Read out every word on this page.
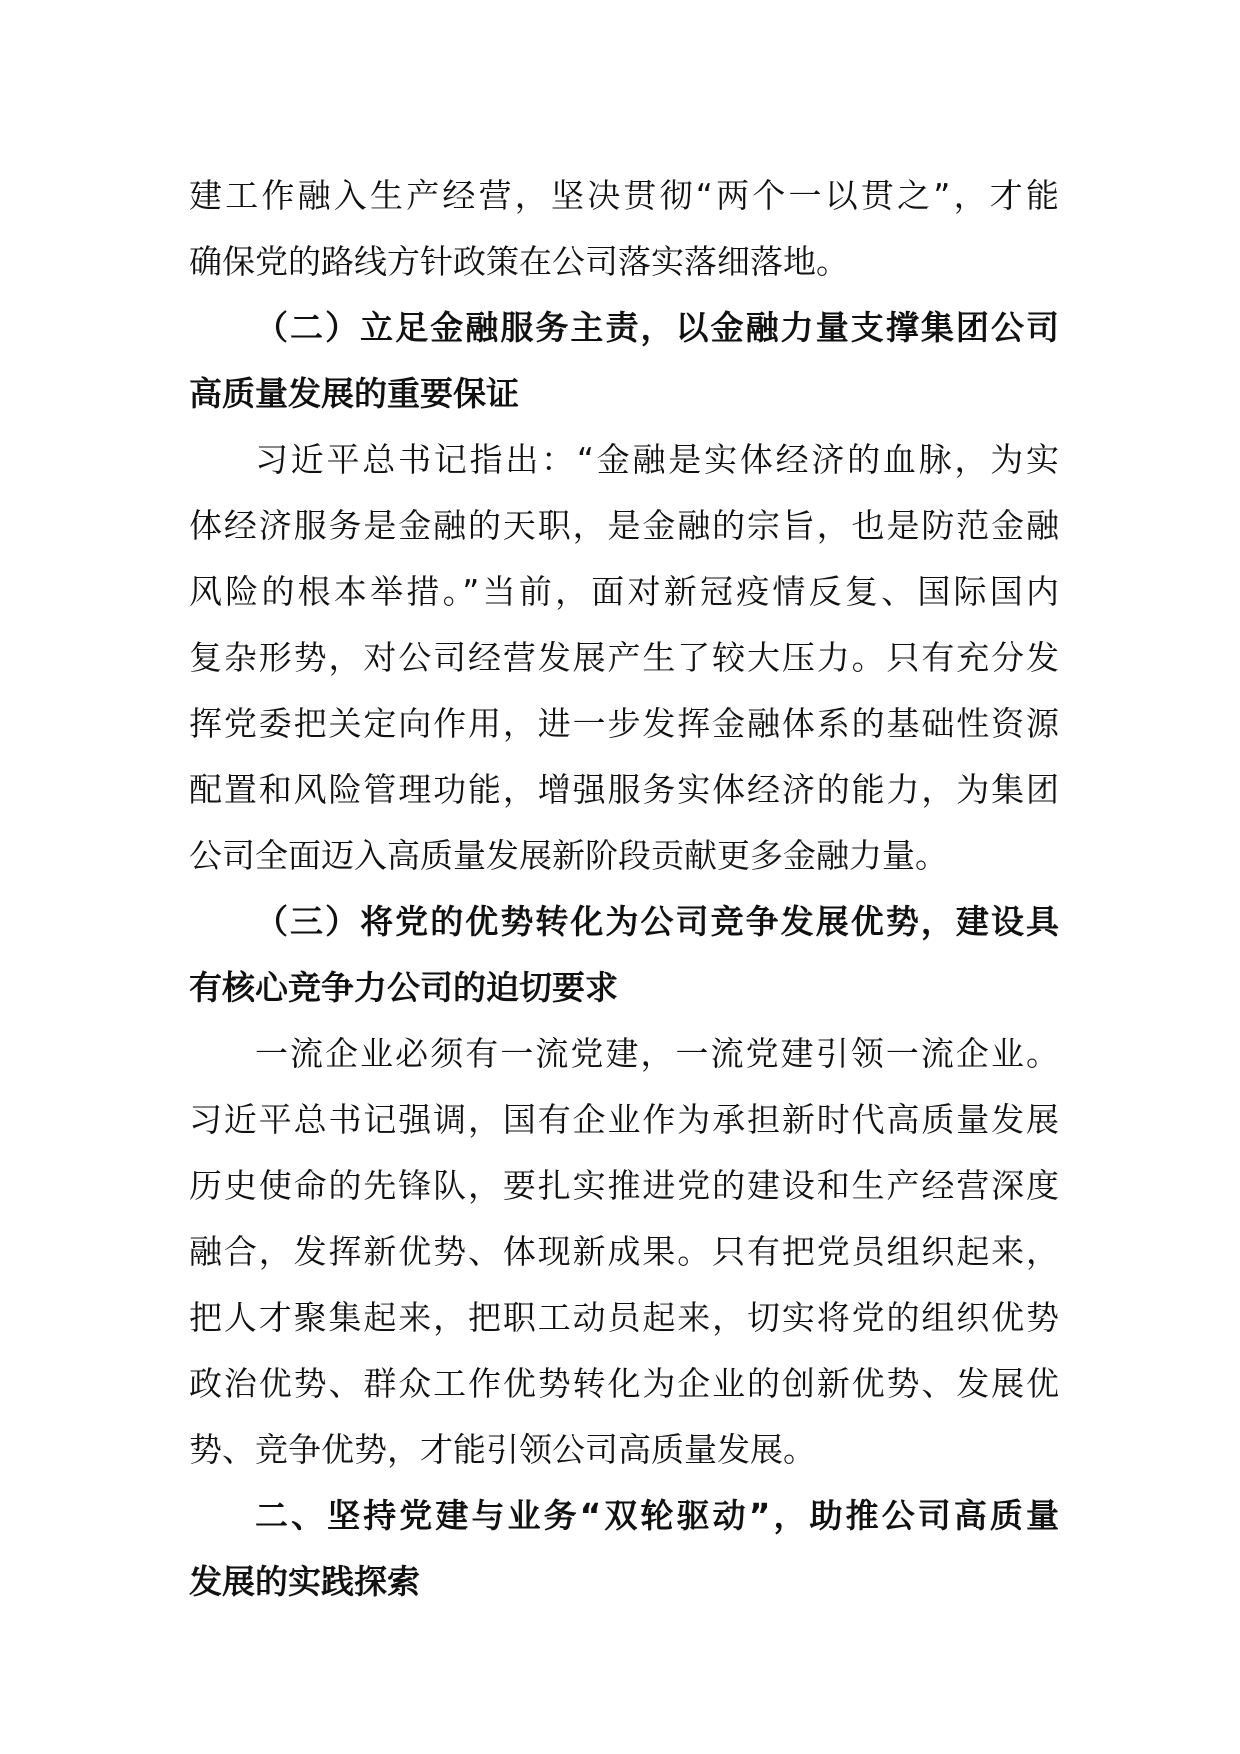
建工作融入生产经营，坚决贯彻“两个一以贯之”，才能
确保党的路线方针政策在公司落实落细落地。
（二）立足金融服务主责，以金融力量支撑集团公司
高质量发展的重要保证
习近平总书记指出：“金融是实体经济的血脉，为实
体经济服务是金融的天职，是金融的宗旨，也是防范金融
风险的根本举措。”当前，面对新冠疫情反复、国际国内
复杂形势，对公司经营发展产生了较大压力。只有充分发
挥党委把关定向作用，进一步发挥金融体系的基础性资源
配置和风险管理功能，增强服务实体经济的能力，为集团
公司全面迈入高质量发展新阶段贡献更多金融力量。
（三）将党的优势转化为公司竞争发展优势，建设具
有核心竞争力公司的迫切要求
一流企业必须有一流党建，一流党建引领一流企业。
习近平总书记强调，国有企业作为承担新时代高质量发展
历史使命的先锋队，要扎实推进党的建设和生产经营深度
融合，发挥新优势、体现新成果。只有把党员组织起来，
把人才聚集起来，把职工动员起来，切实将党的组织优势
政治优势、群众工作优势转化为企业的创新优势、发展优
势、竞争优势，才能引领公司高质量发展。
二、坚持党建与业务“双轮驱动”，助推公司高质量
发展的实践探索
